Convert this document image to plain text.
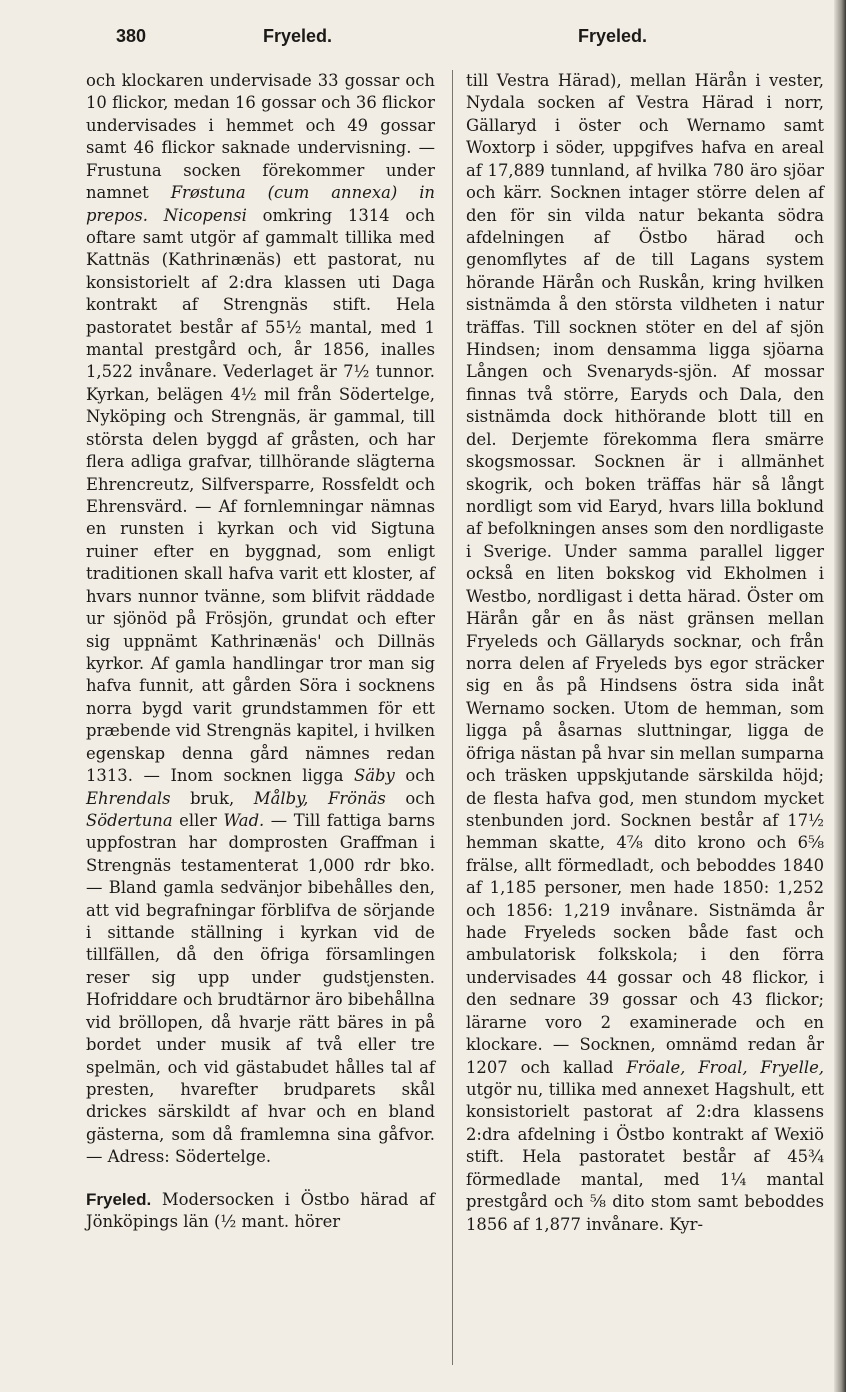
380	Fryeled.	Fryeled.

och klockaren undervisade 33 gossar och 10 flickor, medan 16 gossar och 36 flickor undervisades i hemmet och 49 gossar samt 46 flickor saknade undervisning. — Frustuna socken förekommer under namnet Frøstuna (cum annexa) in prepos. Nicopensi omkring 1314 och oftare samt utgör af gammalt tillika med Kattnäs (Kathrinænäs) ett pastorat, nu konsistorielt af 2:dra klassen uti Daga kontrakt af Strengnäs stift. Hela pastoratet består af 55½ mantal, med 1 mantal prestgård och, år 1856, inalles 1,522 invånare. Vederlaget är 7½ tunnor. Kyrkan, belägen 4½ mil från Södertelge, Nyköping och Strengnäs, är gammal, till största delen byggd af gråsten, och har flera adliga grafvar, tillhörande slägterna Ehrencreutz, Silfversparre, Rossfeldt och Ehrensvärd. — Af fornlemningar nämnas en runsten i kyrkan och vid Sigtuna ruiner efter en byggnad, som enligt traditionen skall hafva varit ett kloster, af hvars nunnor tvänne, som blifvit räddade ur sjönöd på Frösjön, grundat och efter sig uppnämt Kathrinænäs' och Dillnäs kyrkor. Af gamla handlingar tror man sig hafva funnit, att gården Söra i socknens norra bygd varit grundstammen för ett præbende vid Strengnäs kapitel, i hvilken egenskap denna gård nämnes redan 1313. — Inom socknen ligga Säby och Ehrendals bruk, Målby, Frönäs och Södertuna eller Wad. — Till fattiga barns uppfostran har domprosten Graffman i Strengnäs testamenterat 1,000 rdr bko. — Bland gamla sedvänjor bibehålles den, att vid begrafningar förblifva de sörjande i sittande ställning i kyrkan vid de tillfällen, då den öfriga församlingen reser sig upp under gudstjensten. Hofriddare och brudtärnor äro bibehållna vid bröllopen, då hvarje rätt bäres in på bordet under musik af två eller tre spelmän, och vid gästabudet hålles tal af presten, hvarefter brudparets skål drickes särskildt af hvar och en bland gästerna, som då framlemna sina gåfvor. — Adress: Södertelge.

Fryeled. Modersocken i Östbo härad af Jönköpings län (½ mant. hörer

till Vestra Härad), mellan Härån i vester, Nydala socken af Vestra Härad i norr, Gällaryd i öster och Wernamo samt Woxtorp i söder, uppgifves hafva en areal af 17,889 tunnland, af hvilka 780 äro sjöar och kärr. Socknen intager större delen af den för sin vilda natur bekanta södra afdelningen af Östbo härad och genomflytes af de till Lagans system hörande Härån och Ruskån, kring hvilken sistnämda å den största vildheten i natur träffas. Till socknen stöter en del af sjön Hindsen; inom densamma ligga sjöarna Lången och Svenaryds-sjön. Af mossar finnas två större, Earyds och Dala, den sistnämda dock hithörande blott till en del. Derjemte förekomma flera smärre skogsmossar. Socknen är i allmänhet skogrik, och boken träffas här så långt nordligt som vid Earyd, hvars lilla boklund af befolkningen anses som den nordligaste i Sverige. Under samma parallel ligger också en liten bokskog vid Ekholmen i Westbo, nordligast i detta härad. Öster om Härån går en ås näst gränsen mellan Fryeleds och Gällaryds socknar, och från norra delen af Fryeleds bys egor sträcker sig en ås på Hindsens östra sida inåt Wernamo socken. Utom de hemman, som ligga på åsarnas sluttningar, ligga de öfriga nästan på hvar sin mellan sumparna och träsken uppskjutande särskilda höjd; de flesta hafva god, men stundom mycket stenbunden jord. Socknen består af 17½ hemman skatte, 4⅞ dito krono och 6⅝ frälse, allt förmedladt, och beboddes 1840 af 1,185 personer, men hade 1850: 1,252 och 1856: 1,219 invånare. Sistnämda år hade Fryeleds socken både fast och ambulatorisk folkskola; i den förra undervisades 44 gossar och 48 flickor, i den sednare 39 gossar och 43 flickor; lärarne voro 2 examinerade och en klockare. — Socknen, omnämd redan år 1207 och kallad Fröale, Froal, Fryelle, utgör nu, tillika med annexet Hagshult, ett konsistorielt pastorat af 2:dra klassens 2:dra afdelning i Östbo kontrakt af Wexiö stift. Hela pastoratet består af 45¾ förmedlade mantal, med 1¼ mantal prestgård och ⅝ dito stom samt beboddes 1856 af 1,877 invånare. Kyr-
